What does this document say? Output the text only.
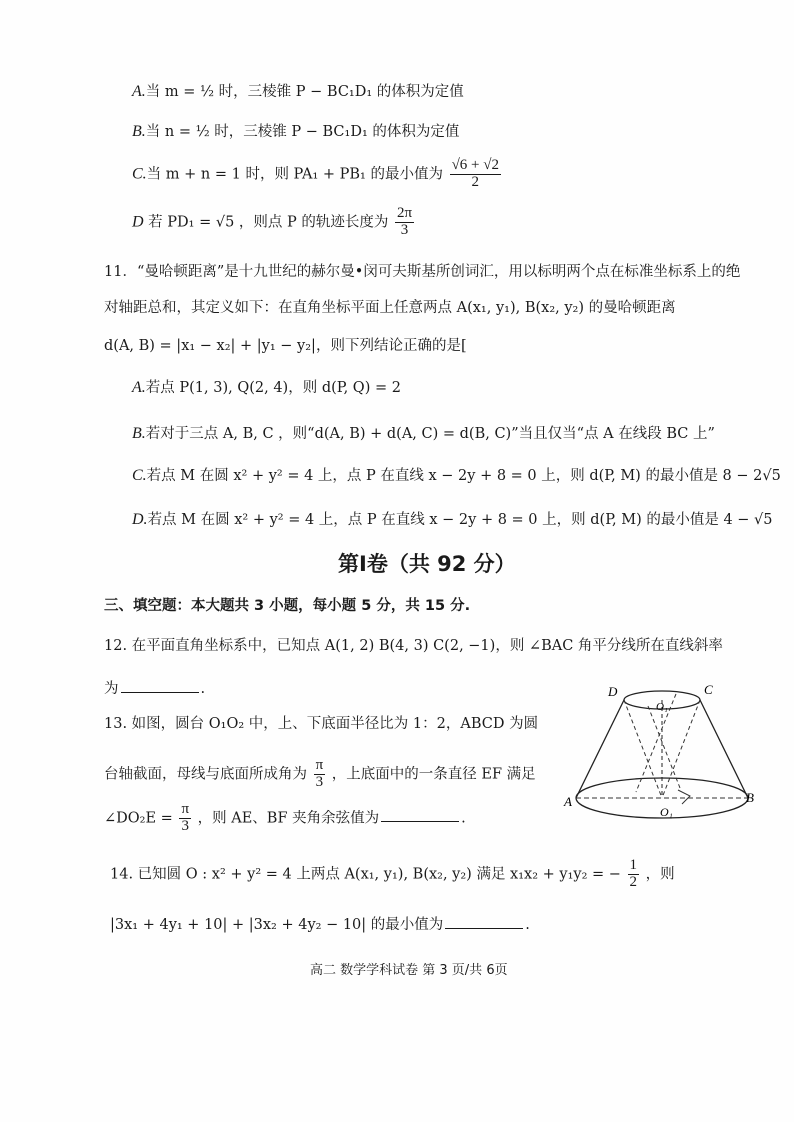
A.当 m = ½ 时，三棱锥 P − BC₁D₁ 的体积为定值
B.当 n = ½ 时，三棱锥 P − BC₁D₁ 的体积为定值
C.当 m + n = 1 时，则 PA₁ + PB₁ 的最小值为 $\frac{√6 + √2}{2}$
D 若 PD₁ = √5 ，则点 P 的轨迹长度为 $\frac{2\pi}{3}$
11．“曼哈顿距离”是十九世纪的赫尔曼•闵可夫斯基所创词汇，用以标明两个点在标准坐标系上的绝
对轴距总和，其定义如下：在直角坐标平面上任意两点 A(x₁, y₁), B(x₂, y₂) 的曼哈顿距离
d(A, B) = |x₁ − x₂| + |y₁ − y₂|，则下列结论正确的是[
A.若点 P(1, 3), Q(2, 4)，则 d(P, Q) = 2
B.若对于三点 A, B, C ，则“d(A, B) + d(A, C) = d(B, C)”当且仅当“点 A 在线段 BC 上”
C.若点 M 在圆 x² + y² = 4 上，点 P 在直线 x − 2y + 8 = 0 上，则 d(P, M) 的最小值是 8 − 2√5
D.若点 M 在圆 x² + y² = 4 上，点 P 在直线 x − 2y + 8 = 0 上，则 d(P, M) 的最小值是 4 − √5
第Ⅰ卷（共 92 分）
三、填空题：本大题共 3 小题，每小题 5 分，共 15 分.
12. 在平面直角坐标系中，已知点 A(1, 2) B(4, 3) C(2, −1)，则 ∠BAC 角平分线所在直线斜率
为	.
13. 如图，圆台 O₁O₂ 中，上、下底面半径比为 1：2，ABCD 为圆
台轴截面，母线与底面所成角为 $\frac{\pi}{3}$ ，上底面中的一条直径 EF 满足
∠DO₂E = $\frac{\pi}{3}$ ，则 AE、BF 夹角余弦值为	.
14. 已知圆 O : x² + y² = 4 上两点 A(x₁, y₁), B(x₂, y₂) 满足 x₁x₂ + y₁y₂ = − $\frac{1}{2}$ ，则
|3x₁ + 4y₁ + 10| + |3x₂ + 4y₂ − 10| 的最小值为	.
D	C
O₁
A	B
O₁
高二 数学学科试卷 第 3 页/共 6页
